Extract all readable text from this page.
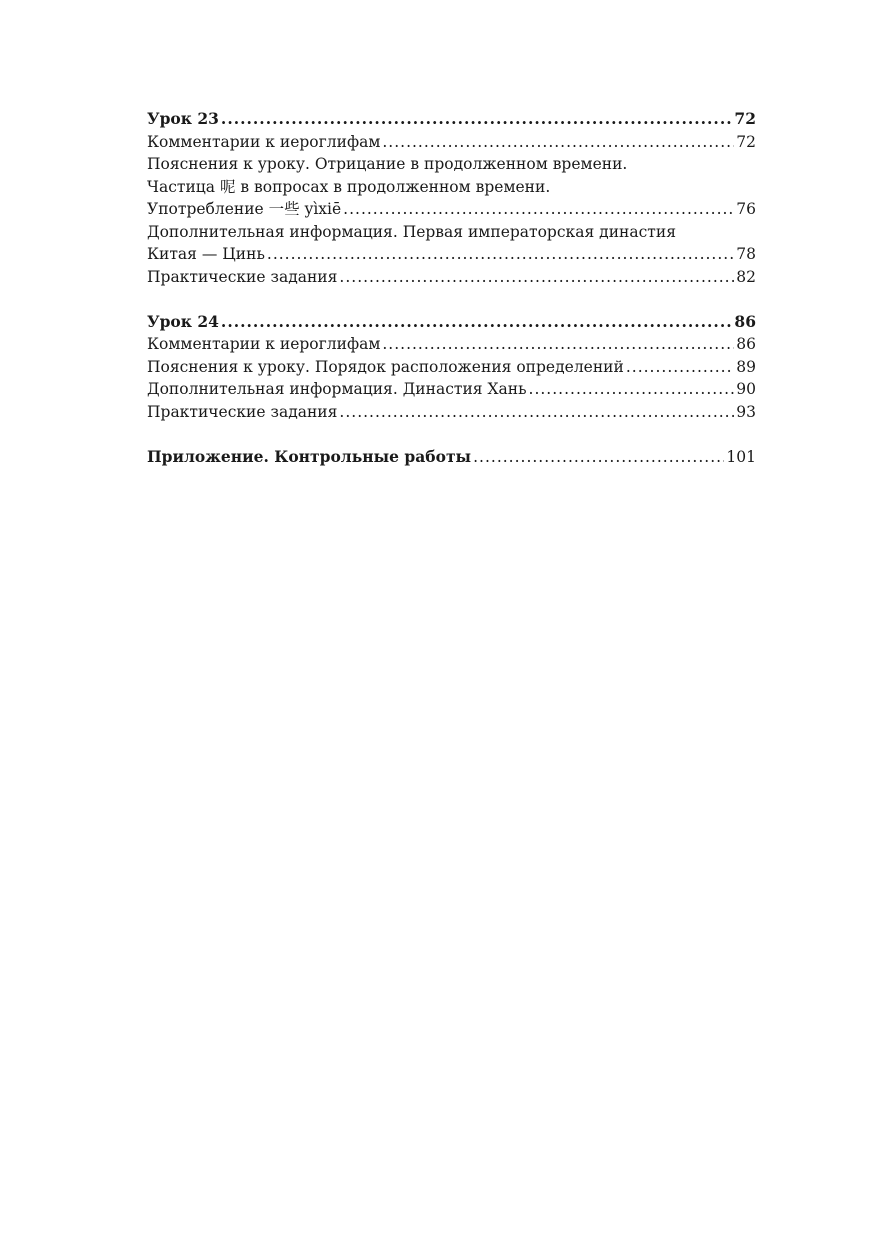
Урок 23 .....	72
Комментарии к иероглифам .....	72
Пояснения к уроку. Отрицание в продолженном времени.
Частица 呢 в вопросах в продолженном времени.
Употребление 一些 yìxiē .....	76
Дополнительная информация. Первая императорская династия
Китая — Цинь .....	78
Практические задания .....	82
Урок 24 .....	86
Комментарии к иероглифам .....	86
Пояснения к уроку. Порядок расположения определений .....	89
Дополнительная информация. Династия Хань .....	90
Практические задания .....	93
Приложение. Контрольные работы .....	101
